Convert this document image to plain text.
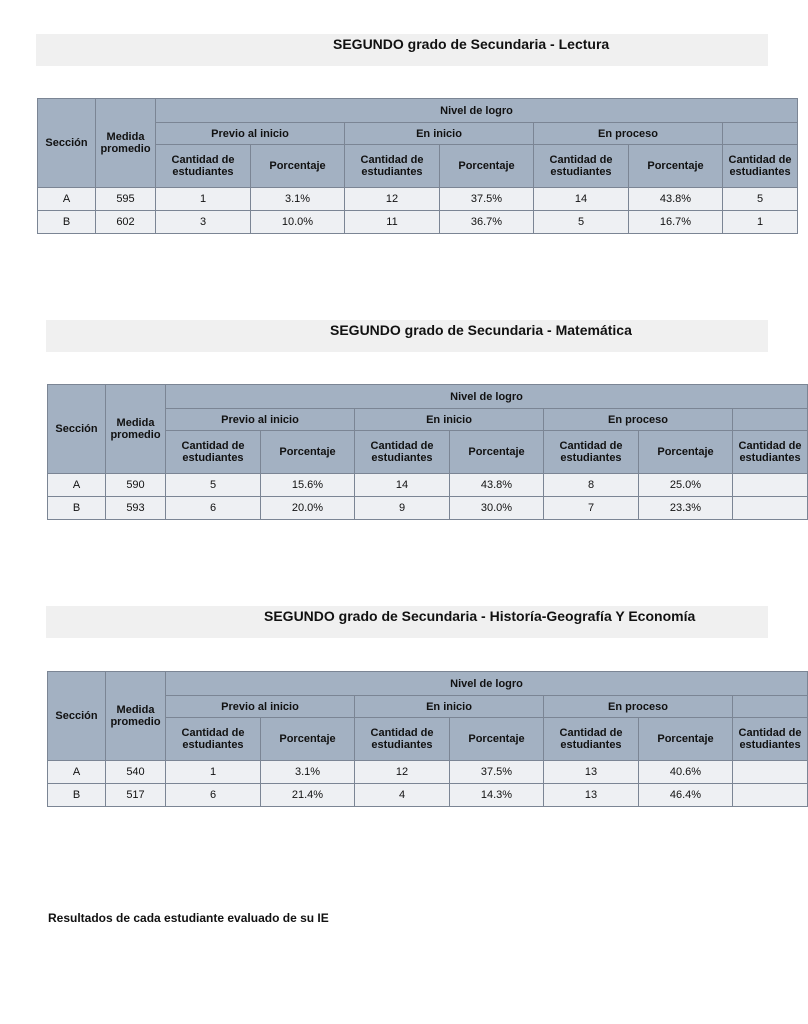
SEGUNDO grado de Secundaria - Lectura
Sección	Medida promedio	Nivel de logro						
		Previo al inicio		En inicio		En proceso		
		Cantidad de estudiantes	Porcentaje	Cantidad de estudiantes	Porcentaje	Cantidad de estudiantes	Porcentaje	Cantidad de estudiantes
A	595	1	3.1%	12	37.5%	14	43.8%	5
B	602	3	10.0%	11	36.7%	5	16.7%	1
SEGUNDO grado de Secundaria - Matemática
Sección	Medida promedio	Nivel de logro						
		Previo al inicio		En inicio		En proceso		
		Cantidad de estudiantes	Porcentaje	Cantidad de estudiantes	Porcentaje	Cantidad de estudiantes	Porcentaje	Cantidad de estudiantes
A	590	5	15.6%	14	43.8%	8	25.0%	
B	593	6	20.0%	9	30.0%	7	23.3%	
SEGUNDO grado de Secundaria - Historía-Geografía Y Economía
Sección	Medida promedio	Nivel de logro						
		Previo al inicio		En inicio		En proceso		
		Cantidad de estudiantes	Porcentaje	Cantidad de estudiantes	Porcentaje	Cantidad de estudiantes	Porcentaje	Cantidad de estudiantes
A	540	1	3.1%	12	37.5%	13	40.6%	
B	517	6	21.4%	4	14.3%	13	46.4%	
Resultados de cada estudiante evaluado de su IE
